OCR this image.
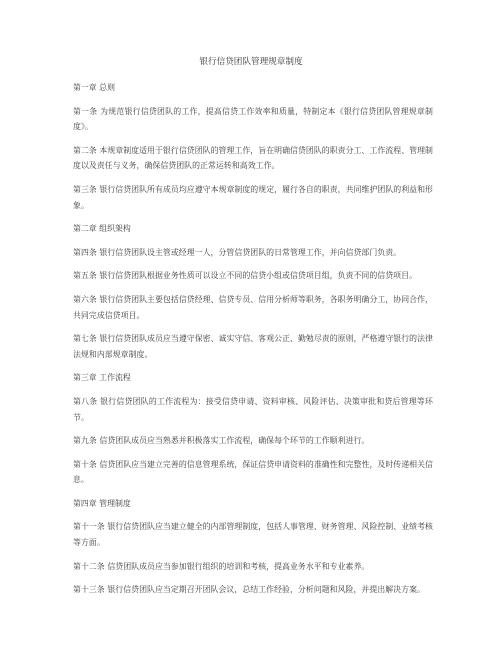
银行信贷团队管理规章制度

第一章 总则

第一条 为规范银行信贷团队的工作，提高信贷工作效率和质量，特制定本《银行信贷团队管理规章制度》。

第二条 本规章制度适用于银行信贷团队的管理工作，旨在明确信贷团队的职责分工、工作流程、管理制度以及责任与义务，确保信贷团队的正常运转和高效工作。

第三条 银行信贷团队所有成员均应遵守本规章制度的规定，履行各自的职责，共同维护团队的利益和形象。

第二章 组织架构

第四条 银行信贷团队设主管或经理一人，分管信贷团队的日常管理工作，并向信贷部门负责。

第五条 银行信贷团队根据业务性质可以设立不同的信贷小组或信贷项目组，负责不同的信贷项目。

第六条 银行信贷团队主要包括信贷经理、信贷专员、信用分析师等职务，各职务明确分工，协同合作，共同完成信贷项目。

第七条 银行信贷团队成员应当遵守保密、诚实守信、客观公正、勤勉尽责的原则，严格遵守银行的法律法规和内部规章制度。

第三章 工作流程

第八条 银行信贷团队的工作流程为：接受信贷申请、资料审核、风险评估、决策审批和贷后管理等环节。

第九条 信贷团队成员应当熟悉并积极落实工作流程，确保每个环节的工作顺利进行。

第十条 信贷团队应当建立完善的信息管理系统，保证信贷申请资料的准确性和完整性，及时传递相关信息。

第四章 管理制度

第十一条 银行信贷团队应当建立健全的内部管理制度，包括人事管理、财务管理、风险控制、业绩考核等方面。

第十二条 信贷团队成员应当参加银行组织的培训和考核，提高业务水平和专业素养。

第十三条 银行信贷团队应当定期召开团队会议，总结工作经验，分析问题和风险，并提出解决方案。
